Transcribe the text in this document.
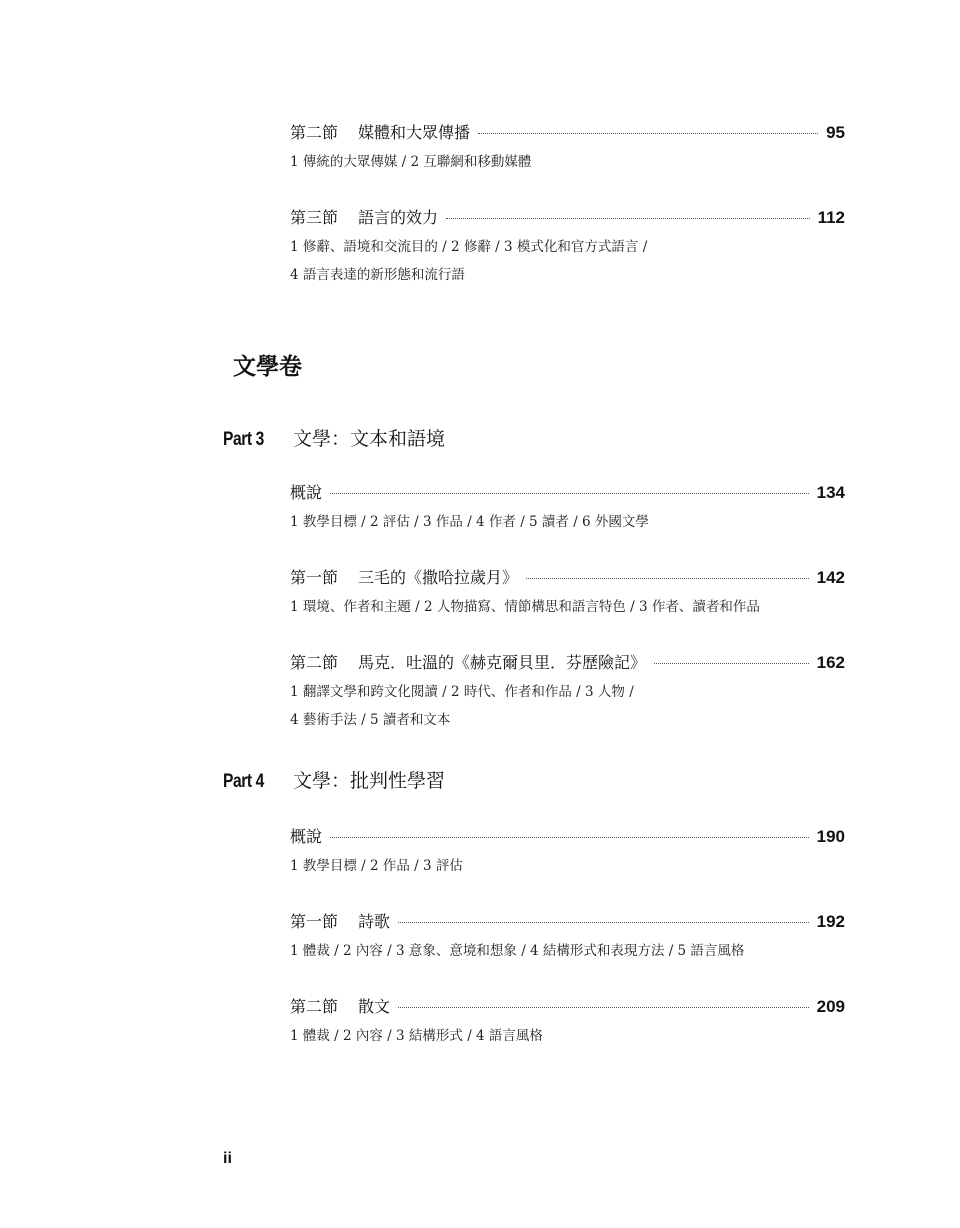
第二節 媒體和大眾傳播	95
1 傳統的大眾傳媒 / 2 互聯網和移動媒體
第三節 語言的效力	112
1 修辭、語境和交流目的 / 2 修辭 / 3 模式化和官方式語言 /
4 語言表達的新形態和流行語
文學卷
Part 3	文學：文本和語境
概說	134
1 教學目標 / 2 評估 / 3 作品 / 4 作者 / 5 讀者 / 6 外國文學
第一節 三毛的《撒哈拉歲月》	142
1 環境、作者和主題 / 2 人物描寫、情節構思和語言特色 / 3 作者、讀者和作品
第二節 馬克．吐溫的《赫克爾貝里．芬歷險記》	162
1 翻譯文學和跨文化閱讀 / 2 時代、作者和作品 / 3 人物 /
4 藝術手法 / 5 讀者和文本
Part 4	文學：批判性學習
概說	190
1 教學目標 / 2 作品 / 3 評估
第一節 詩歌	192
1 體裁 / 2 內容 / 3 意象、意境和想象 / 4 結構形式和表現方法 / 5 語言風格
第二節 散文	209
1 體裁 / 2 內容 / 3 結構形式 / 4 語言風格
ii
